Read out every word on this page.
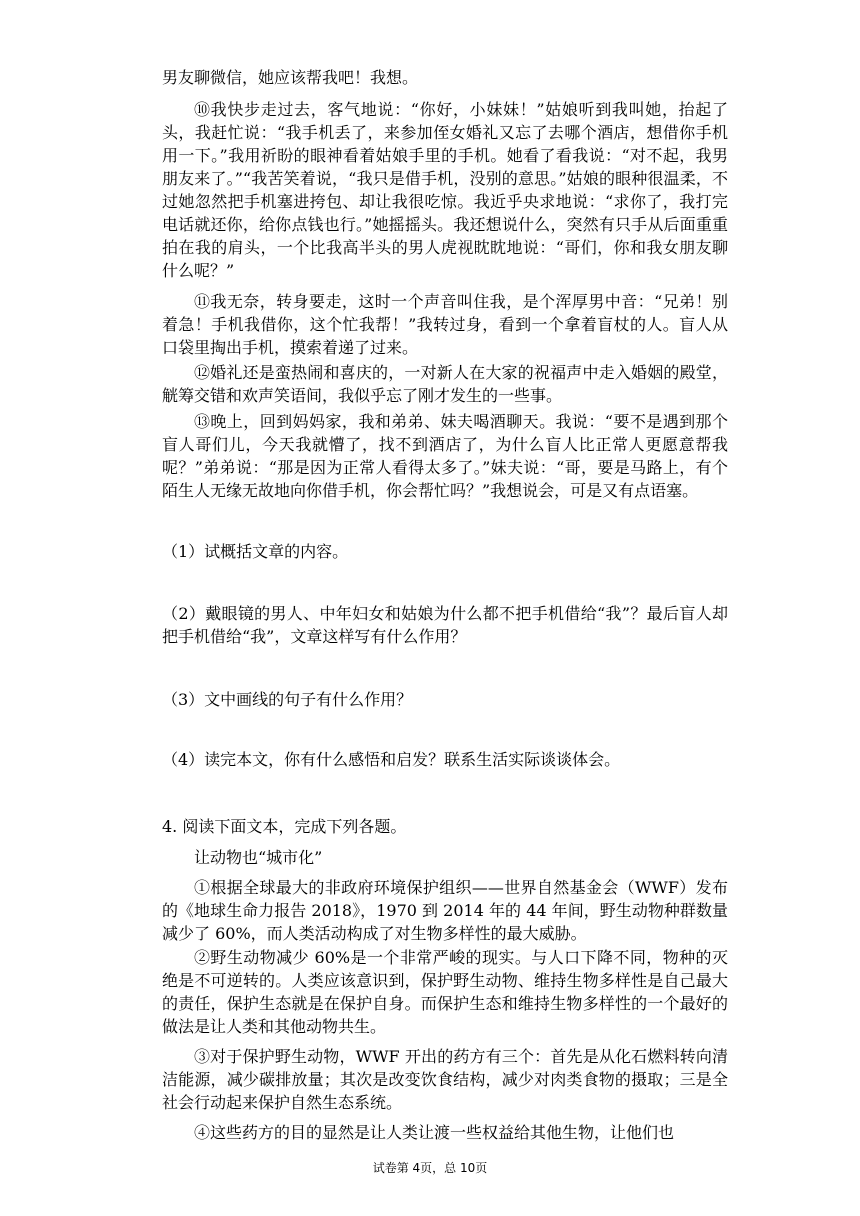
男友聊微信，她应该帮我吧！我想。

⑩我快步走过去，客气地说：“你好，小妹妹！”姑娘听到我叫她，抬起了头，我赶忙说：“我手机丢了，来参加侄女婚礼又忘了去哪个酒店，想借你手机用一下。”我用祈盼的眼神看着姑娘手里的手机。她看了看我说：“对不起，我男朋友来了。”“我苦笑着说，“我只是借手机，没别的意思。”姑娘的眼种很温柔，不过她忽然把手机塞进挎包、却让我很吃惊。我近乎央求地说：“求你了，我打完电话就还你，给你点钱也行。”她摇摇头。我还想说什么，突然有只手从后面重重拍在我的肩头，一个比我高半头的男人虎视眈眈地说：“哥们，你和我女朋友聊什么呢？”

⑪我无奈，转身要走，这时一个声音叫住我，是个浑厚男中音：“兄弟！别着急！手机我借你，这个忙我帮！”我转过身，看到一个拿着盲杖的人。盲人从口袋里掏出手机，摸索着递了过来。

⑫婚礼还是蛮热闹和喜庆的，一对新人在大家的祝福声中走入婚姻的殿堂，觥筹交错和欢声笑语间，我似乎忘了刚才发生的一些事。

⑬晚上，回到妈妈家，我和弟弟、妹夫喝酒聊天。我说：“要不是遇到那个盲人哥们儿，今天我就懵了，找不到酒店了，为什么盲人比正常人更愿意帮我呢？”弟弟说：“那是因为正常人看得太多了。”妹夫说：“哥，要是马路上，有个陌生人无缘无故地向你借手机，你会帮忙吗？”我想说会，可是又有点语塞。

（1）试概括文章的内容。
（2）戴眼镜的男人、中年妇女和姑娘为什么都不把手机借给“我”？最后盲人却把手机借给“我”，文章这样写有什么作用？
（3）文中画线的句子有什么作用？
（4）读完本文，你有什么感悟和启发？联系生活实际谈谈体会。
4. 阅读下面文本，完成下列各题。
让动物也“城市化”

①根据全球最大的非政府环境保护组织——世界自然基金会（WWF）发布的《地球生命力报告 2018》，1970 到 2014 年的 44 年间，野生动物种群数量减少了 60%，而人类活动构成了对生物多样性的最大威胁。

②野生动物减少 60%是一个非常严峻的现实。与人口下降不同，物种的灭绝是不可逆转的。人类应该意识到，保护野生动物、维持生物多样性是自己最大的责任，保护生态就是在保护自身。而保护生态和维持生物多样性的一个最好的做法是让人类和其他动物共生。

③对于保护野生动物，WWF 开出的药方有三个：首先是从化石燃料转向清洁能源，减少碳排放量；其次是改变饮食结构，减少对肉类食物的摄取；三是全社会行动起来保护自然生态系统。

④这些药方的目的显然是让人类让渡一些权益给其他生物，让他们也

试卷第 4页，总 10页
